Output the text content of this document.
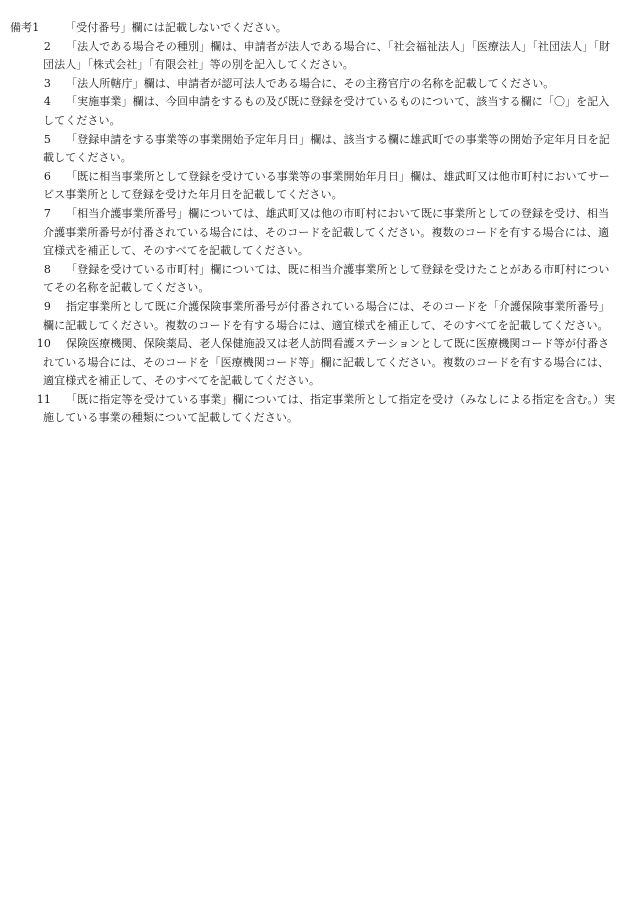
備考1	「受付番号」欄には記載しないでください。

2 「法人である場合その種別」欄は、申請者が法人である場合に、「社会福祉法人」「医療法人」「社団法人」「財団法人」「株式会社」「有限会社」等の別を記入してください。

3 「法人所轄庁」欄は、申請者が認可法人である場合に、その主務官庁の名称を記載してください。

4 「実施事業」欄は、今回申請をするもの及び既に登録を受けているものについて、該当する欄に「〇」を記入してください。

5 「登録申請をする事業等の事業開始予定年月日」欄は、該当する欄に雄武町での事業等の開始予定年月日を記載してください。

6 「既に相当事業所として登録を受けている事業等の事業開始年月日」欄は、雄武町又は他市町村においてサービス事業所として登録を受けた年月日を記載してください。

7 「相当介護事業所番号」欄については、雄武町又は他の市町村において既に事業所としての登録を受け、相当介護事業所番号が付番されている場合には、そのコードを記載してください。複数のコードを有する場合には、適宜様式を補正して、そのすべてを記載してください。

8 「登録を受けている市町村」欄については、既に相当介護事業所として登録を受けたことがある市町村についてその名称を記載してください。

9 指定事業所として既に介護保険事業所番号が付番されている場合には、そのコードを「介護保険事業所番号」欄に記載してください。複数のコードを有する場合には、適宜様式を補正して、そのすべてを記載してください。

10 保険医療機関、保険薬局、老人保健施設又は老人訪問看護ステーションとして既に医療機関コード等が付番されている場合には、そのコードを「医療機関コード等」欄に記載してください。複数のコードを有する場合には、適宜様式を補正して、そのすべてを記載してください。

11 「既に指定等を受けている事業」欄については、指定事業所として指定を受け（みなしによる指定を含む。）実施している事業の種類について記載してください。
